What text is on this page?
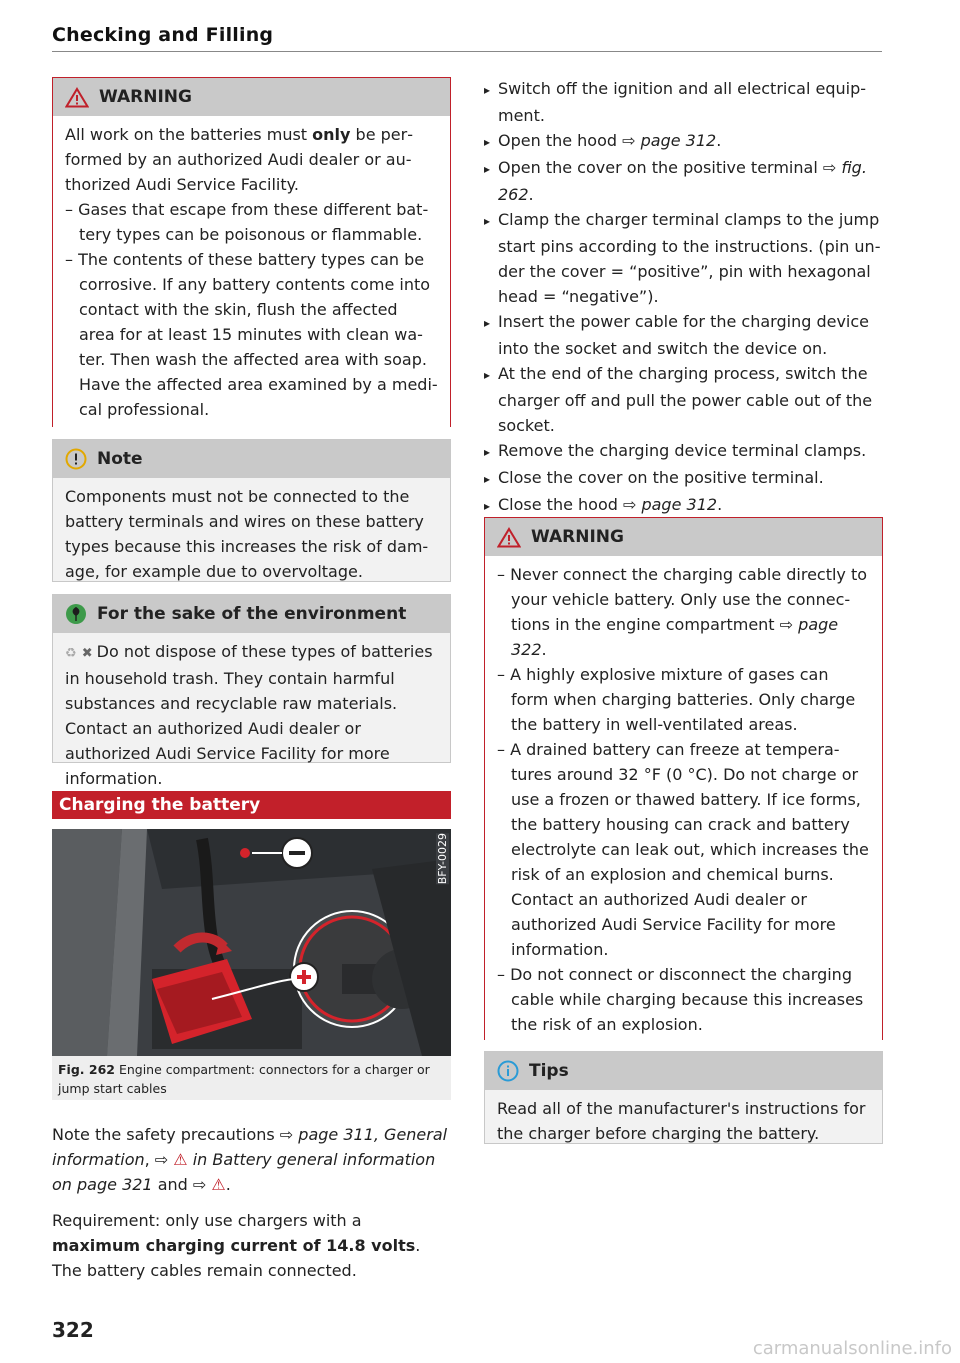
Checking and Filling
WARNING
All work on the batteries must only be performed by an authorized Audi dealer or authorized Audi Service Facility.
– Gases that escape from these different battery types can be poisonous or flammable.
– The contents of these battery types can be corrosive. If any battery contents come into contact with the skin, flush the affected area for at least 15 minutes with clean water. Then wash the affected area with soap. Have the affected area examined by a medical professional.
Note
Components must not be connected to the battery terminals and wires on these battery types because this increases the risk of damage, for example due to overvoltage.
For the sake of the environment
♻ ✖ Do not dispose of these types of batteries in household trash. They contain harmful substances and recyclable raw materials. Contact an authorized Audi dealer or authorized Audi Service Facility for more information.
Charging the battery
BFY-0029
Fig. 262 Engine compartment: connectors for a charger or jump start cables

Note the safety precautions ⇨ page 311, General information, ⇨ ⚠ in Battery general information on page 321 and ⇨ ⚠.

Requirement: only use chargers with a maximum charging current of 14.8 volts. The battery cables remain connected.

322

▸ Switch off the ignition and all electrical equipment.

▸ Open the hood ⇨ page 312.

▸ Open the cover on the positive terminal ⇨ fig. 262.

▸ Clamp the charger terminal clamps to the jump start pins according to the instructions. (pin under the cover = “positive”, pin with hexagonal head = “negative”).

▸ Insert the power cable for the charging device into the socket and switch the device on.

▸ At the end of the charging process, switch the charger off and pull the power cable out of the socket.

▸ Remove the charging device terminal clamps.

▸ Close the cover on the positive terminal.

▸ Close the hood ⇨ page 312.

WARNING
– Never connect the charging cable directly to your vehicle battery. Only use the connections in the engine compartment ⇨ page 322.
– A highly explosive mixture of gases can form when charging batteries. Only charge the battery in well-ventilated areas.
– A drained battery can freeze at temperatures around 32 °F (0 °C). Do not charge or use a frozen or thawed battery. If ice forms, the battery housing can crack and battery electrolyte can leak out, which increases the risk of an explosion and chemical burns. Contact an authorized Audi dealer or authorized Audi Service Facility for more information.
– Do not connect or disconnect the charging cable while charging because this increases the risk of an explosion.
Tips
Read all of the manufacturer's instructions for the charger before charging the battery.
carmanualsonline.info
